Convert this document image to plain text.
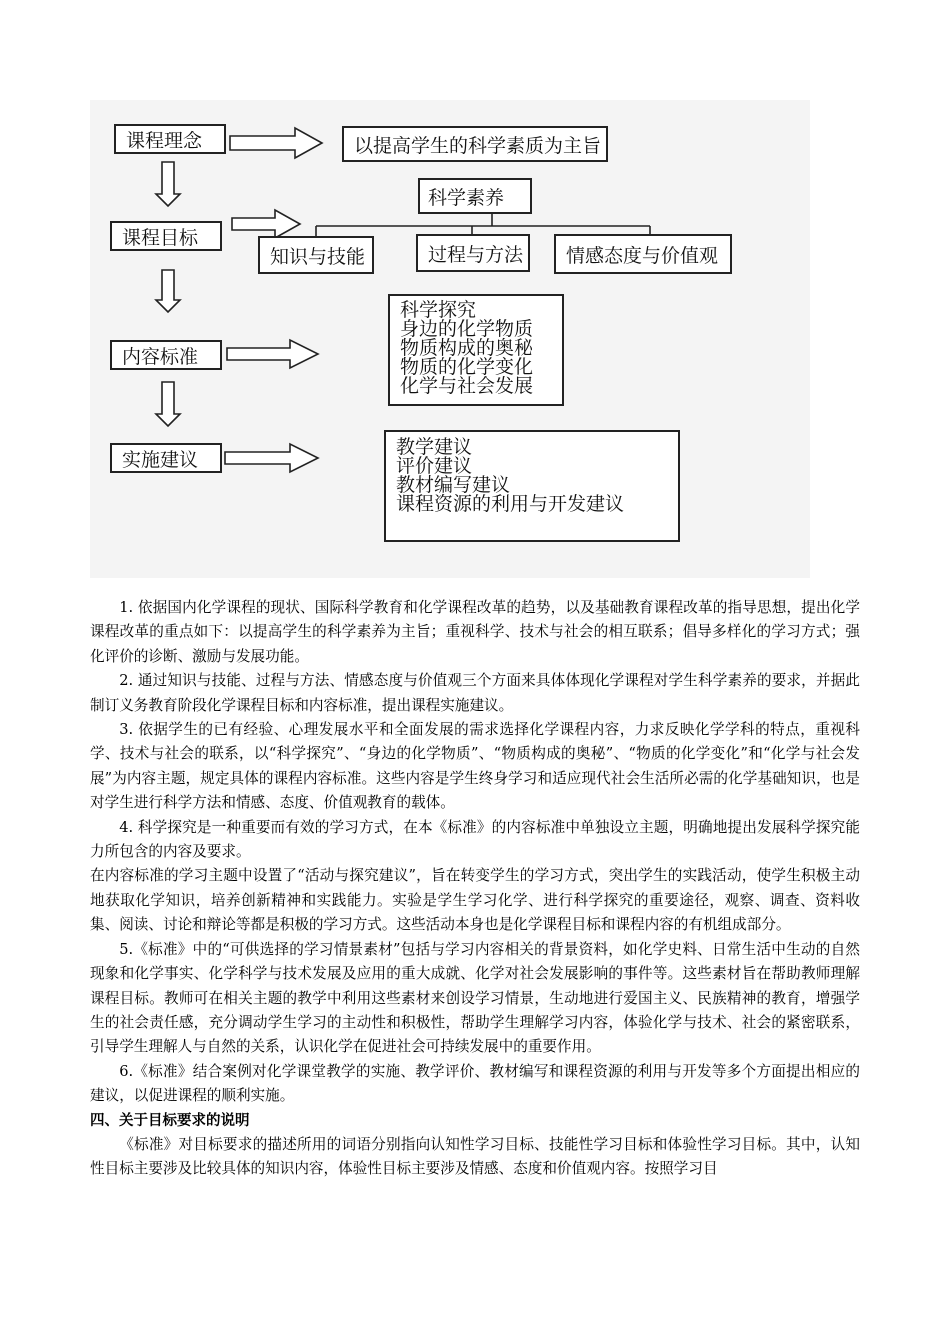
课程理念
课程目标
内容标准
实施建议
以提高学生的科学素质为主旨
科学素养
知识与技能	过程与方法	情感态度与价值观
科学探究
身边的化学物质
物质构成的奥秘
物质的化学变化
化学与社会发展
教学建议
评价建议
教材编写建议
课程资源的利用与开发建议

1. 依据国内化学课程的现状、国际科学教育和化学课程改革的趋势，以及基础教育课程改革的指导思想，提出化学课程改革的重点如下：以提高学生的科学素养为主旨；重视科学、技术与社会的相互联系；倡导多样化的学习方式；强化评价的诊断、激励与发展功能。

2. 通过知识与技能、过程与方法、情感态度与价值观三个方面来具体体现化学课程对学生科学素养的要求，并据此制订义务教育阶段化学课程目标和内容标准，提出课程实施建议。

3. 依据学生的已有经验、心理发展水平和全面发展的需求选择化学课程内容，力求反映化学学科的特点，重视科学、技术与社会的联系，以“科学探究”、“身边的化学物质”、“物质构成的奥秘”、“物质的化学变化”和“化学与社会发展”为内容主题，规定具体的课程内容标准。这些内容是学生终身学习和适应现代社会生活所必需的化学基础知识，也是对学生进行科学方法和情感、态度、价值观教育的载体。

4. 科学探究是一种重要而有效的学习方式，在本《标准》的内容标准中单独设立主题，明确地提出发展科学探究能力所包含的内容及要求。

在内容标准的学习主题中设置了“活动与探究建议”，旨在转变学生的学习方式，突出学生的实践活动，使学生积极主动地获取化学知识，培养创新精神和实践能力。实验是学生学习化学、进行科学探究的重要途径，观察、调查、资料收集、阅读、讨论和辩论等都是积极的学习方式。这些活动本身也是化学课程目标和课程内容的有机组成部分。

5.《标准》中的“可供选择的学习情景素材”包括与学习内容相关的背景资料，如化学史料、日常生活中生动的自然现象和化学事实、化学科学与技术发展及应用的重大成就、化学对社会发展影响的事件等。这些素材旨在帮助教师理解课程目标。教师可在相关主题的教学中利用这些素材来创设学习情景，生动地进行爱国主义、民族精神的教育，增强学生的社会责任感，充分调动学生学习的主动性和积极性，帮助学生理解学习内容，体验化学与技术、社会的紧密联系，引导学生理解人与自然的关系，认识化学在促进社会可持续发展中的重要作用。

6.《标准》结合案例对化学课堂教学的实施、教学评价、教材编写和课程资源的利用与开发等多个方面提出相应的建议，以促进课程的顺利实施。

四、关于目标要求的说明

《标准》对目标要求的描述所用的词语分别指向认知性学习目标、技能性学习目标和体验性学习目标。其中，认知性目标主要涉及比较具体的知识内容，体验性目标主要涉及情感、态度和价值观内容。按照学习目
